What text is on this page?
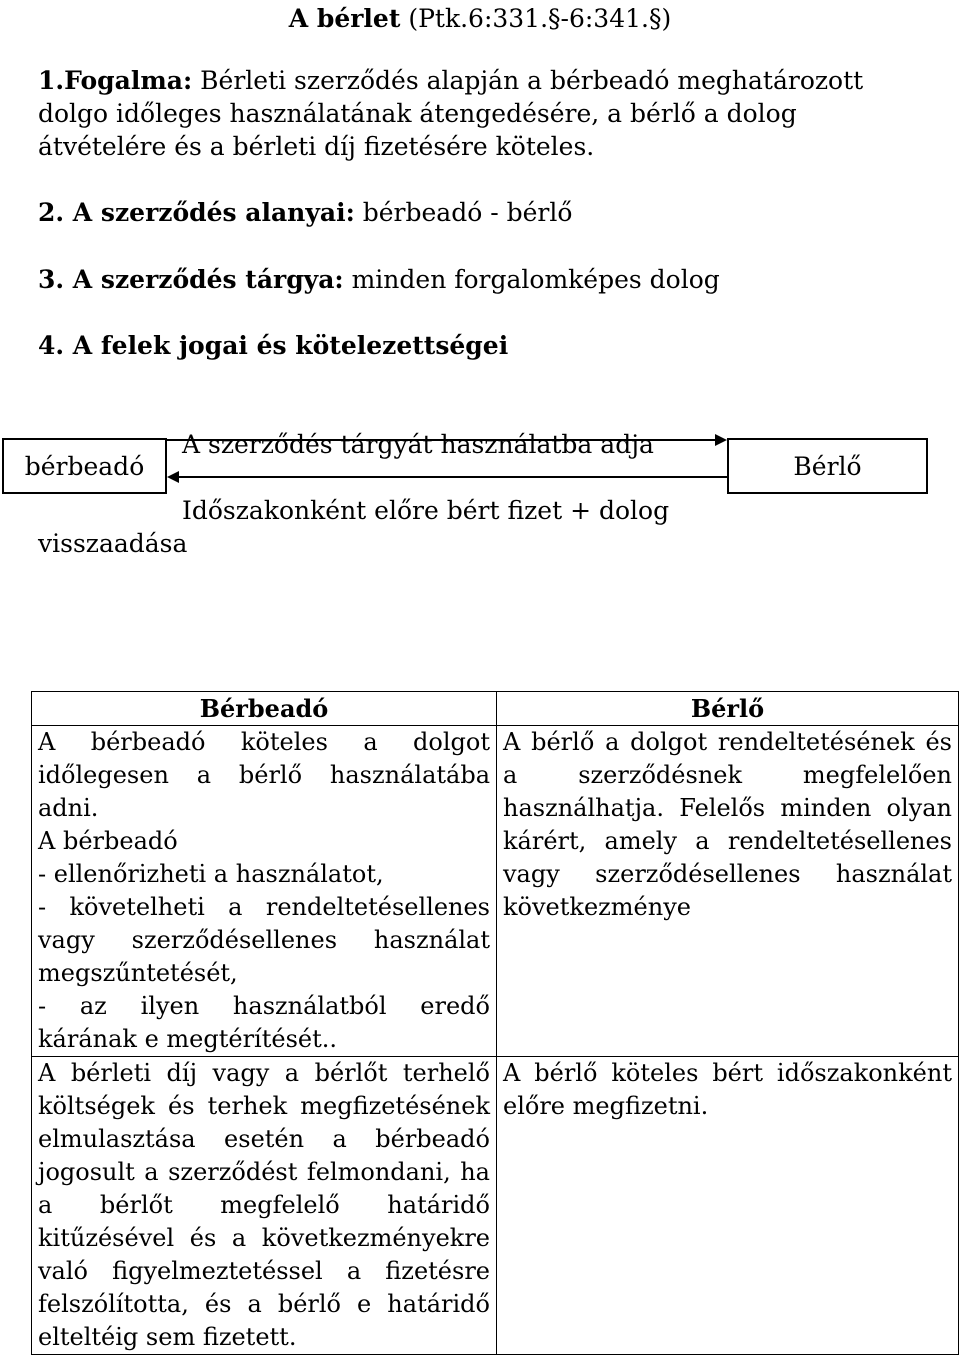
A bérlet (Ptk.6:331.§-6:341.§)
1.Fogalma: Bérleti szerződés alapján a bérbeadó meghatározott dolgo időleges használatának átengedésére, a bérlő a dolog átvételére és a bérleti díj fizetésére köteles.
2. A szerződés alanyai: bérbeadó - bérlő
3. A szerződés tárgya: minden forgalomképes dolog
4. A felek jogai és kötelezettségei
bérbeadó	Bérlő
A szerződés tárgyát használatba adja
Időszakonként előre bért fizet + dolog
visszaadása
Bérbeadó	Bérlő

A bérbeadó köteles a dolgot időlegesen a bérlő használatába adni.
A bérbeadó
- ellenőrizheti a használatot,
- követelheti a rendeltetésellenes vagy szerződésellenes használat megszűntetését,
- az ilyen használatból eredő kárának e megtérítését..	A bérlő a dolgot rendeltetésének és a szerződésnek megfelelően használhatja. Felelős minden olyan kárért, amely a rendeltetésellenes vagy szerződésellenes használat következménye
A bérleti díj vagy a bérlőt terhelő költségek és terhek megfizetésének elmulasztása esetén a bérbeadó jogosult a szerződést felmondani, ha a bérlőt megfelelő határidő kitűzésével és a következményekre való figyelmeztetéssel a fizetésre felszólította, és a bérlő e határidő elteltéig sem fizetett.	A bérlő köteles bért időszakonként előre megfizetni.
